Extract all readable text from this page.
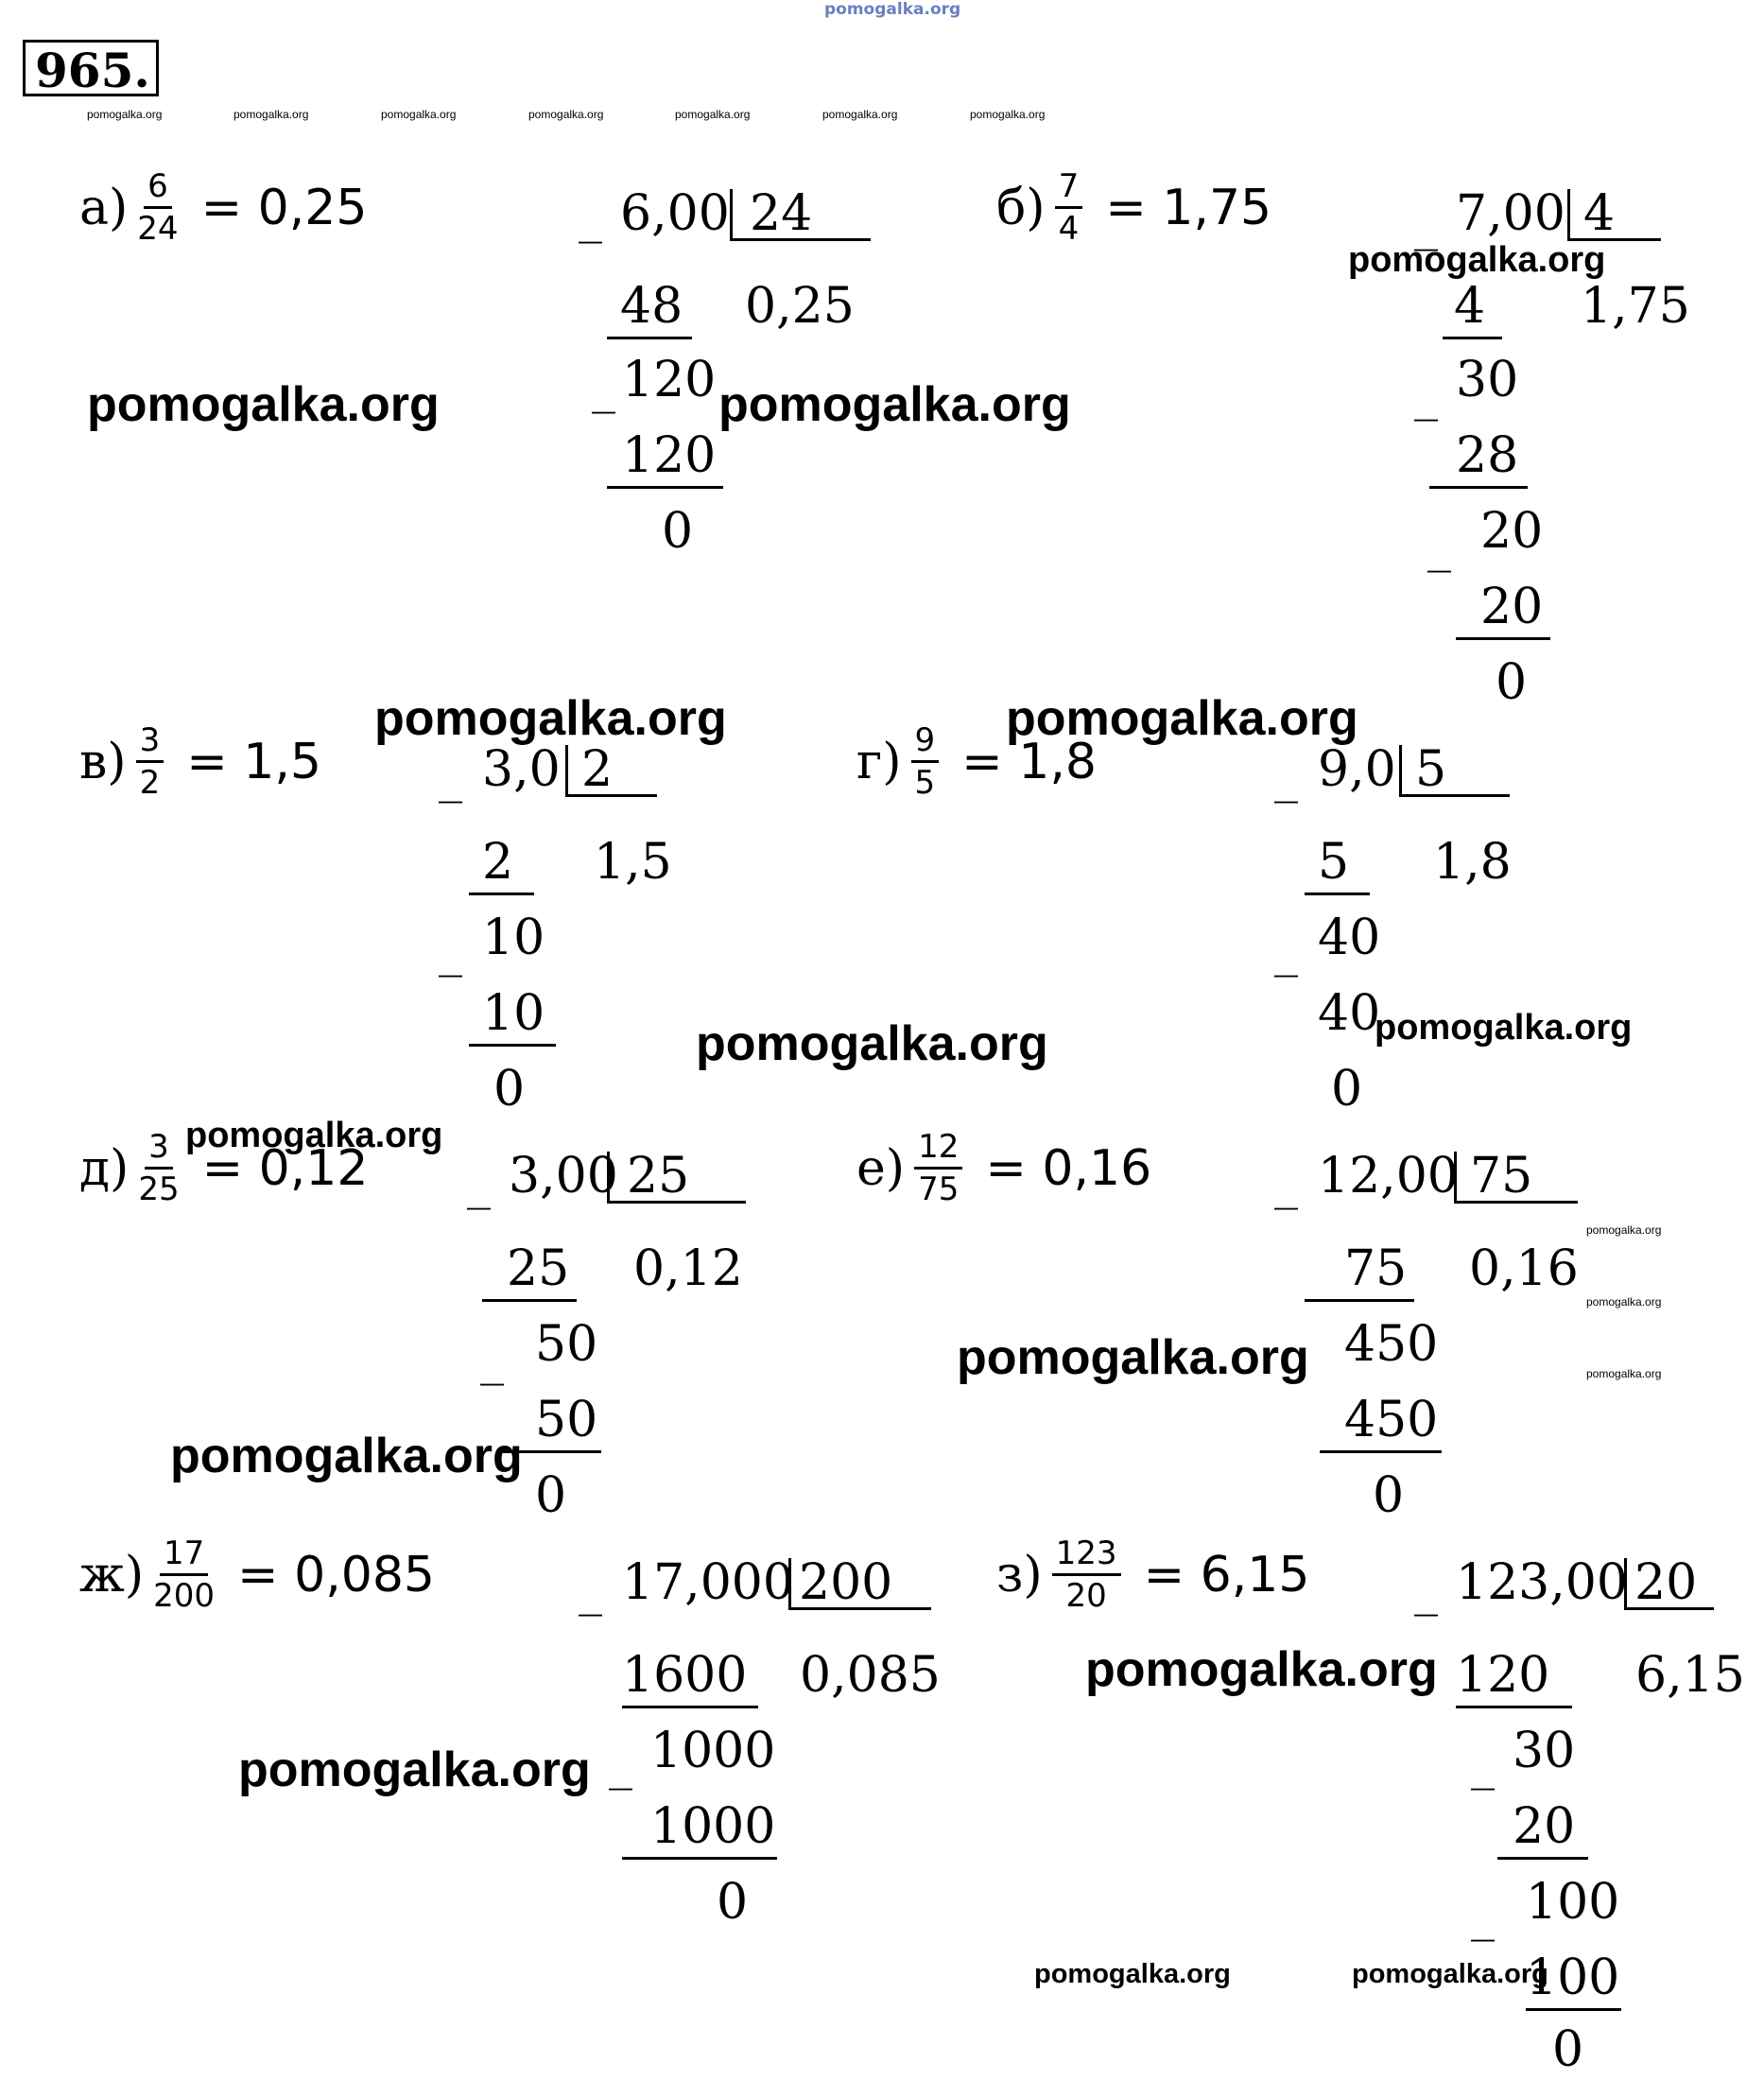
pomogalka.org
965.
pomogalka.org	pomogalka.org	pomogalka.org	pomogalka.org	pomogalka.org	pomogalka.org	pomogalka.org
$а) \frac{6}{24} = 0,25$	_ 6,00 24
0,25
48
_ 120
120
0
$б) \frac{7}{4} = 1,75$	_ 7,00 4
1,75
4
_ 30
28
_ 20
20
0
$в) \frac{3}{2} = 1,5$ _ 3,0 2
1,5
2
_ 10
10
0
$г) \frac{9}{5} = 1,8$	_ 9,0 5
1,8
5
_ 40
40
0
$д) \frac{3}{25} = 0,12$ _ 3,00 25
0,12
25
_ 50
50
0
$е) \frac{12}{75} = 0,16$	_ 12,00 75
0,16
75
450
450
0
$ж) \frac{17}{200} = 0,085$	_ 17,000 200
0,085
1600
_ 1000
1000
0
$з) \frac{123}{20} = 6,15$ _ 123,00 20
6,15
120
_ 30
20
_ 100
100
0
pomogalka.org	pomogalka.org
pomogalka.org
pomogalka.org	pomogalka.org
pomogalka.org	pomogalka.org
pomogalka.org
pomogalka.org
pomogalka.org
pomogalka.org
pomogalka.org
pomogalka.org
pomogalka.org
pomogalka.org
pomogalka.org	pomogalka.org
